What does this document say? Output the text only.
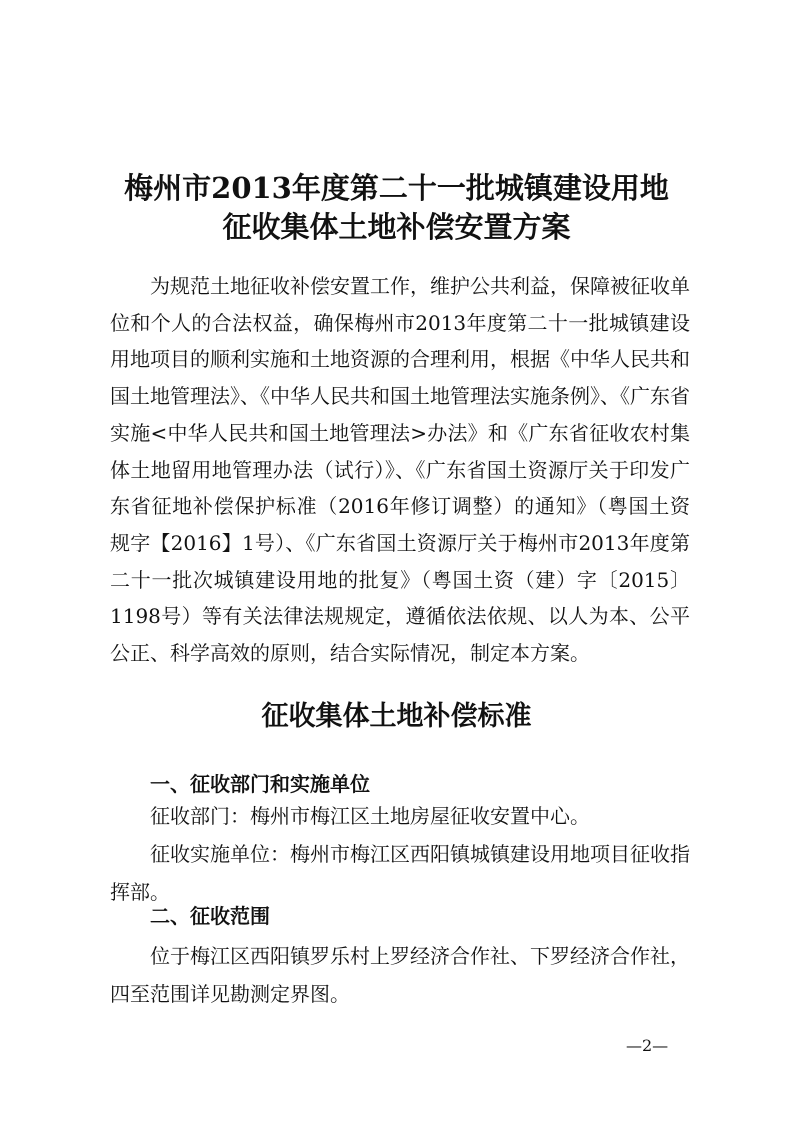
梅州市2013年度第二十一批城镇建设用地
征收集体土地补偿安置方案

为规范土地征收补偿安置工作，维护公共利益，保障被征收单位和个人的合法权益，确保梅州市2013年度第二十一批城镇建设用地项目的顺利实施和土地资源的合理利用，根据《中华人民共和国土地管理法》、《中华人民共和国土地管理法实施条例》、《广东省实施<中华人民共和国土地管理法>办法》和《广东省征收农村集体土地留用地管理办法（试行）》、《广东省国土资源厅关于印发广东省征地补偿保护标准（2016年修订调整）的通知》（粤国土资规字【2016】1号）、《广东省国土资源厅关于梅州市2013年度第二十一批次城镇建设用地的批复》（粤国土资（建）字〔2015〕1198号）等有关法律法规规定，遵循依法依规、以人为本、公平公正、科学高效的原则，结合实际情况，制定本方案。

征收集体土地补偿标准
一、征收部门和实施单位

征收部门：梅州市梅江区土地房屋征收安置中心。

征收实施单位：梅州市梅江区西阳镇城镇建设用地项目征收指挥部。

二、征收范围

位于梅江区西阳镇罗乐村上罗经济合作社、下罗经济合作社，四至范围详见勘测定界图。

—2—
